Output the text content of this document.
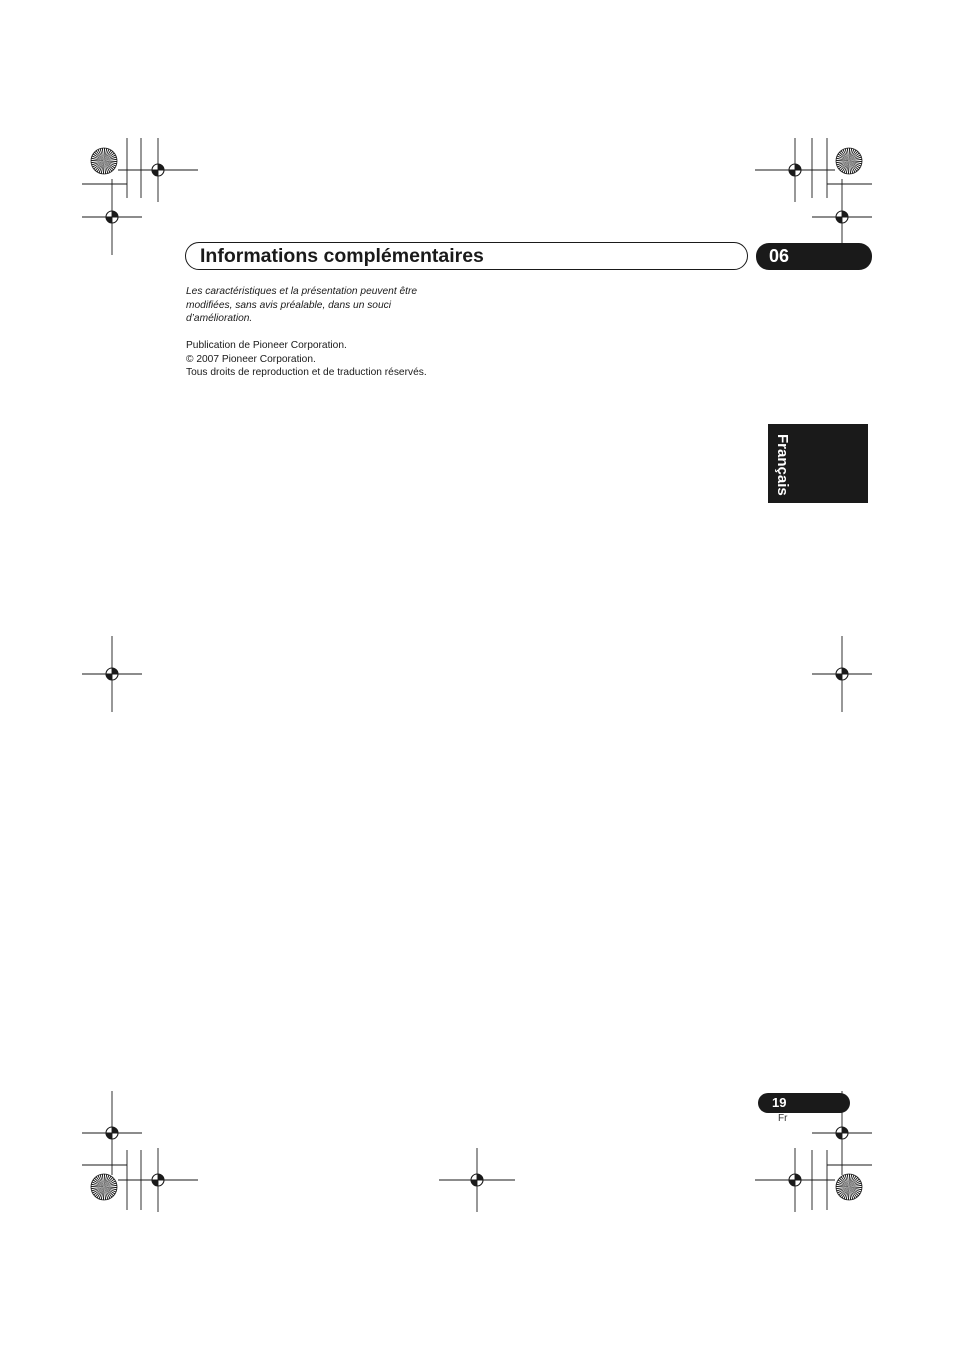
Informations complémentaires	06

Les caractéristiques et la présentation peuvent être modifiées, sans avis préalable, dans un souci d’amélioration.

Publication de Pioneer Corporation.
© 2007 Pioneer Corporation.
Tous droits de reproduction et de traduction réservés.
Français
19
Fr
